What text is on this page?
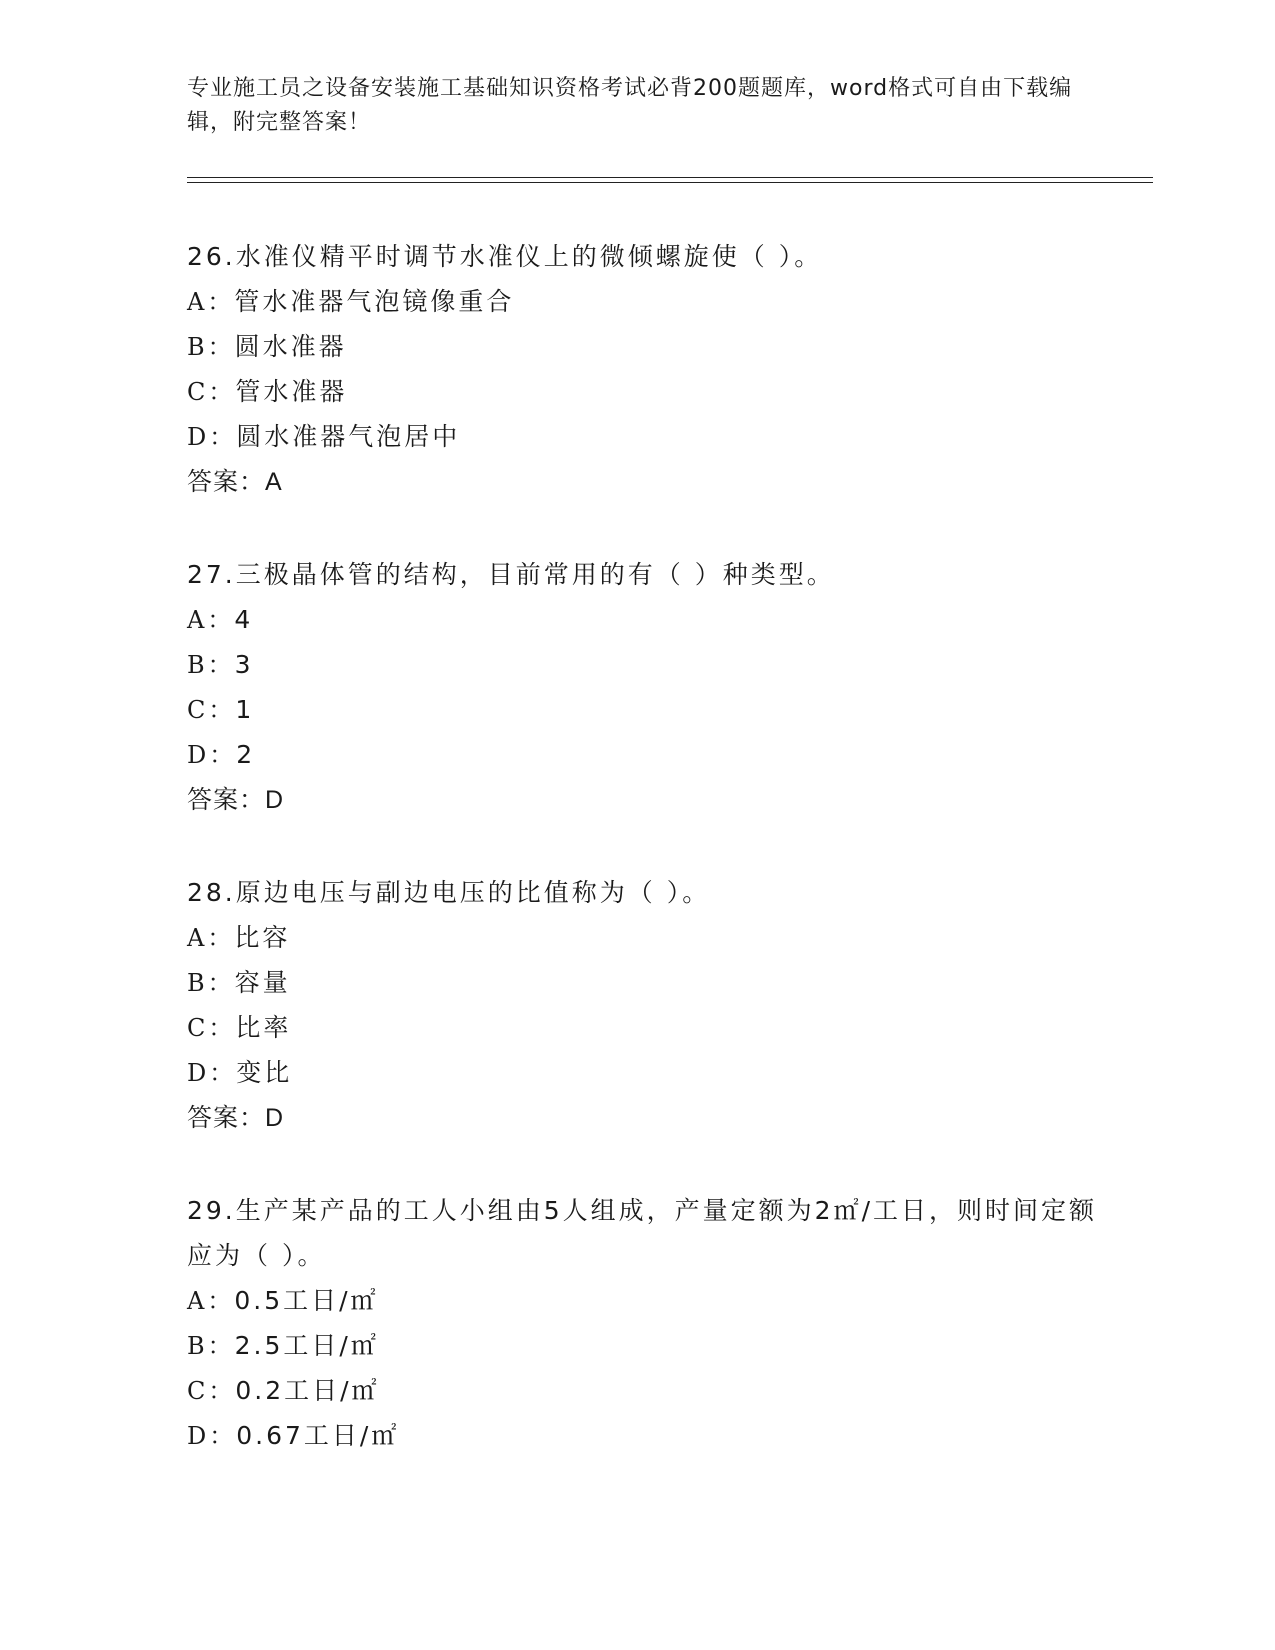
专业施工员之设备安装施工基础知识资格考试必背200题题库，word格式可自由下载编辑，附完整答案！
26.水准仪精平时调节水准仪上的微倾螺旋使（ ）。
A：管水准器气泡镜像重合
B：圆水准器
C：管水准器
D：圆水准器气泡居中
答案：A
27.三极晶体管的结构，目前常用的有（ ）种类型。
A：4
B：3
C：1
D：2
答案：D
28.原边电压与副边电压的比值称为（ ）。
A：比容
B：容量
C：比率
D：变比
答案：D
29.生产某产品的工人小组由5人组成，产量定额为2㎡/工日，则时间定额应为（ ）。
A：0.5工日/㎡
B：2.5工日/㎡
C：0.2工日/㎡
D：0.67工日/㎡
